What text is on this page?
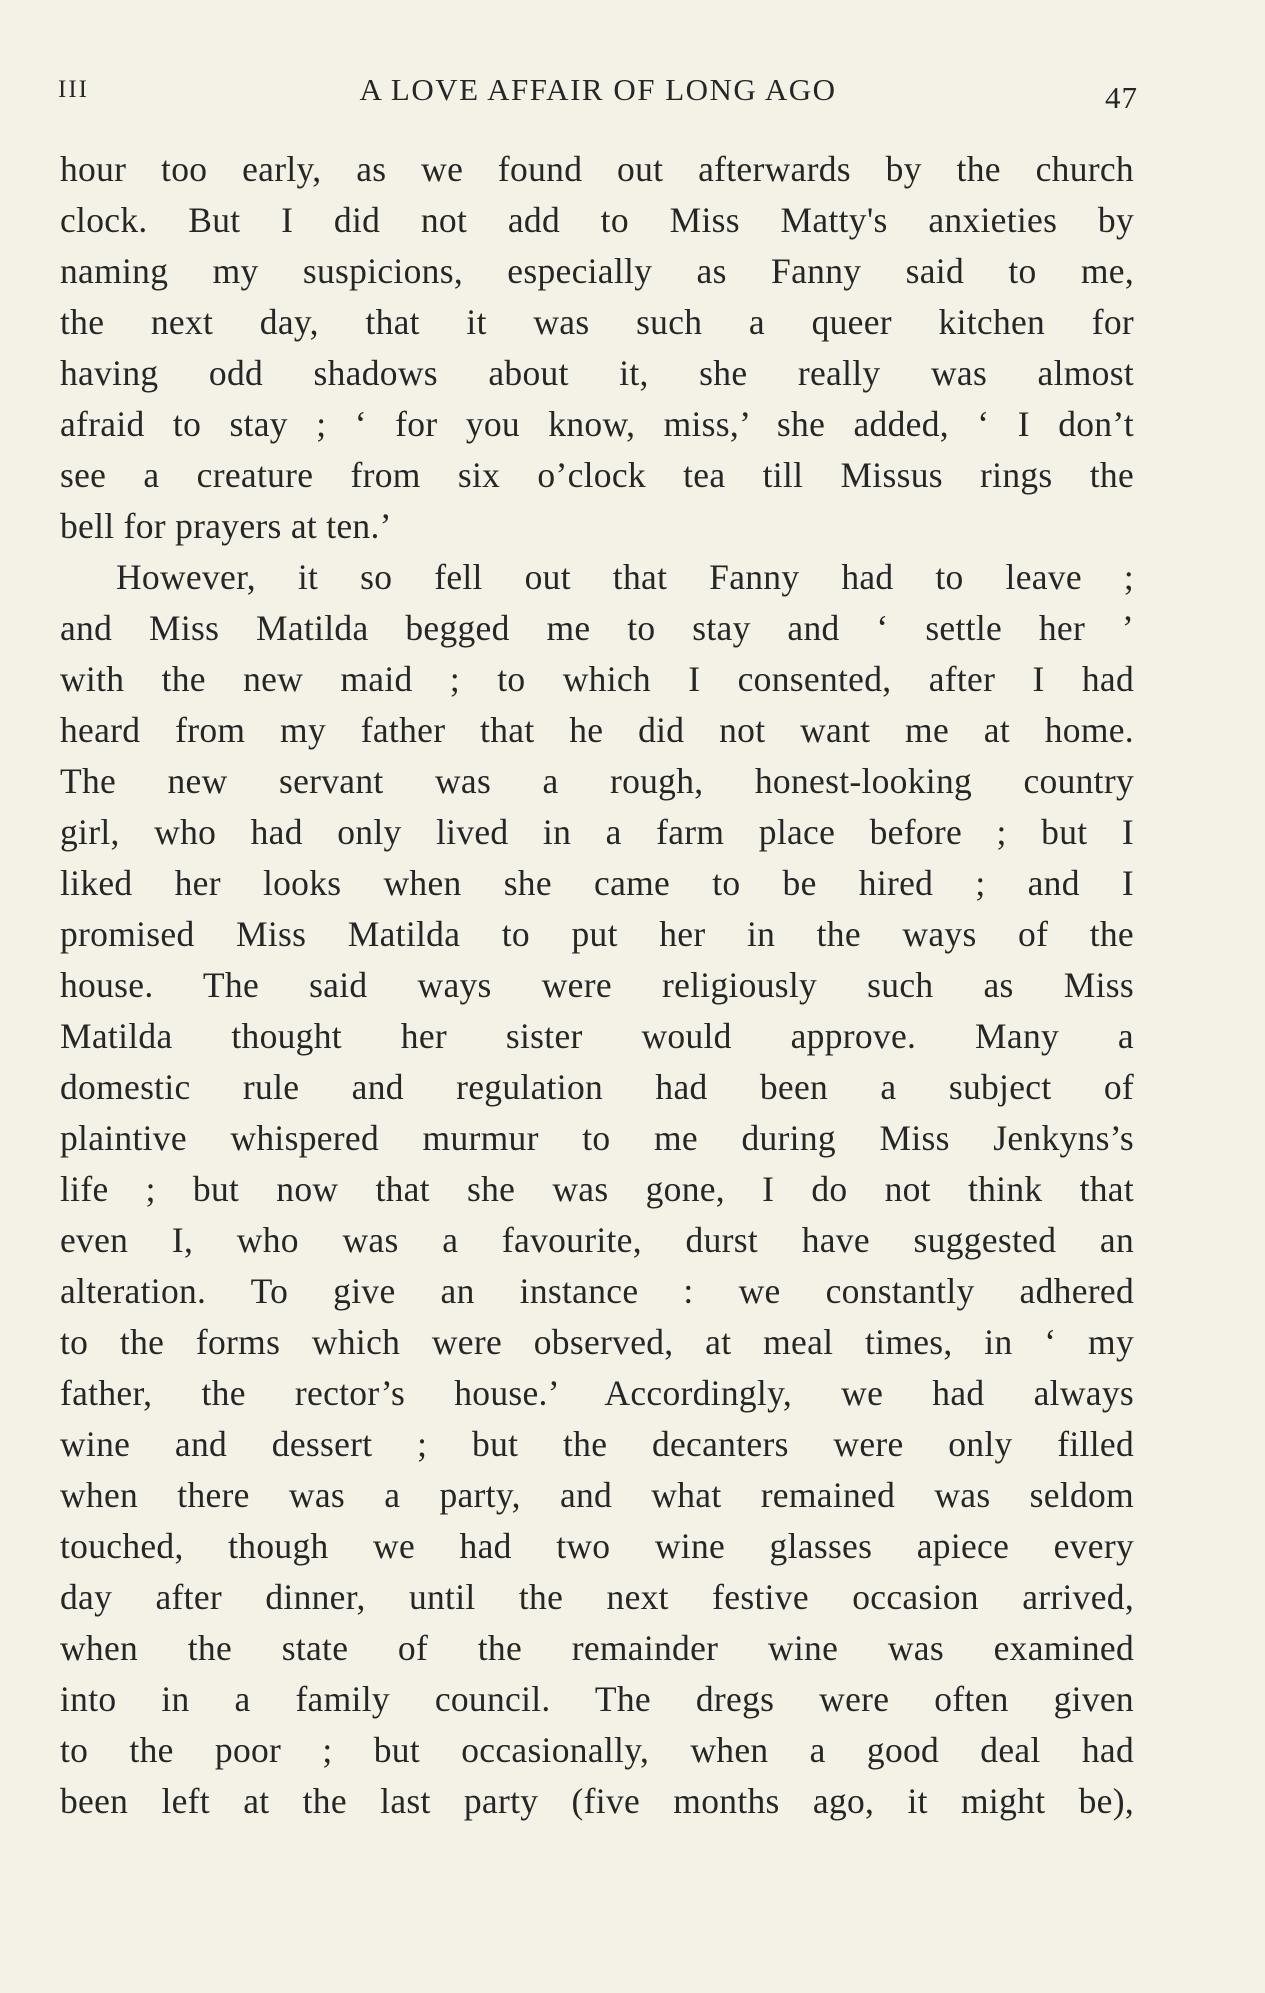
III	A LOVE AFFAIR OF LONG AGO	47
hour too early, as we found out afterwards by the church
clock. But I did not add to Miss Matty's anxieties by
naming my suspicions, especially as Fanny said to me,
the next day, that it was such a queer kitchen for
having odd shadows about it, she really was almost
afraid to stay ; ‘ for you know, miss,’ she added, ‘ I don’t
see a creature from six o’clock tea till Missus rings the
bell for prayers at ten.’
However, it so fell out that Fanny had to leave ;
and Miss Matilda begged me to stay and ‘ settle her ’
with the new maid ; to which I consented, after I had
heard from my father that he did not want me at home.
The new servant was a rough, honest-looking country
girl, who had only lived in a farm place before ; but I
liked her looks when she came to be hired ; and I
promised Miss Matilda to put her in the ways of the
house. The said ways were religiously such as Miss
Matilda thought her sister would approve. Many a
domestic rule and regulation had been a subject of
plaintive whispered murmur to me during Miss Jenkyns’s
life ; but now that she was gone, I do not think that
even I, who was a favourite, durst have suggested an
alteration. To give an instance : we constantly adhered
to the forms which were observed, at meal times, in ‘ my
father, the rector’s house.’ Accordingly, we had always
wine and dessert ; but the decanters were only filled
when there was a party, and what remained was seldom
touched, though we had two wine glasses apiece every
day after dinner, until the next festive occasion arrived,
when the state of the remainder wine was examined
into in a family council. The dregs were often given
to the poor ; but occasionally, when a good deal had
been left at the last party (five months ago, it might be),
